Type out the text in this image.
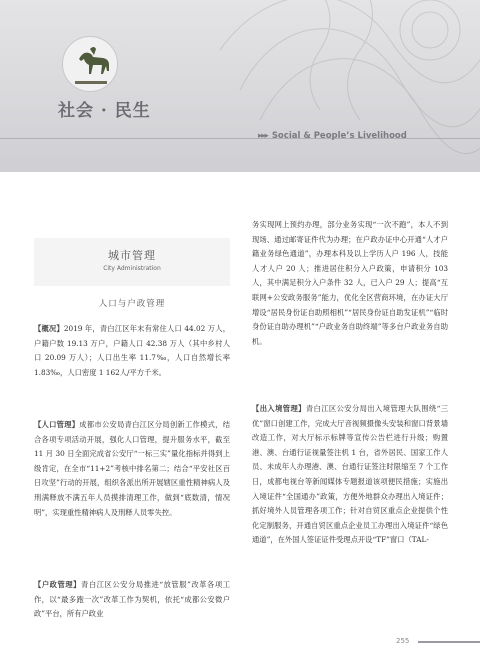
社会 · 民生
▸▸▸ Social & People’s Livelihood
城市管理
City Administration
人口与户政管理
【概况】2019 年，青白江区年末有常住人口 44.02 万人，户籍户数 19.13 万户，户籍人口 42.38 万人（其中乡村人口 20.09 万人）；人口出生率 11.7‰，人口自然增长率 1.83‰，人口密度 1 162人/平方千米。
【人口管理】成都市公安局青白江区分局创新工作模式，结合各项专项活动开展，强化人口管理，提升服务水平，截至 11 月 30 日全面完成省公安厅“一标三实”量化指标并得到上级肯定，在全市“11+2”考核中排名第二；结合“平安社区百日攻坚”行动的开展，组织各派出所开展辖区重性精神病人及刑满释放不满五年人员摸排清理工作，做到“底数清，情况明”，实现重性精神病人及刑释人员零失控。
【户政管理】青白江区公安分局推进“放管服”改革各项工作，以“最多跑一次”改革工作为契机，依托“成都公安微户政”平台，所有户政业
务实现网上预约办理，部分业务实现“一次不跑”，本人不到现场、通过邮寄证件代为办理；在户政办证中心开通“人才户籍业务绿色通道”，办理本科及以上学历人户 196 人，技能人才人户 20 人；推进居住积分入户政策，申请积分 103 人，其中满足积分入户条件 32 人，已入户 29 人；提高“互联网+公安政务服务”能力，优化全区营商环境，在办证大厅增设“居民身份证自助照相机”“居民身份证自助发证机”“临时身份证自助办理机”“户政业务自助终端”等多台户政业务自助机。
【出入境管理】青白江区公安分局出入境管理大队围绕“三优”窗口创建工作，完成大厅音视频摄像头安装和窗口背景墙改造工作，对大厅标示标牌等宣传公告栏进行升级；购置港、澳、台通行证视量签注机 1 台，省外居民、国家工作人员、未成年人办理港、澳、台通行证签注时限缩至 7 个工作日，成都电视台等新闻媒体专题报道该项便民措施；实施出入境证件“全国通办”政策，方便外地群众办理出入境证件；抓好境外人员管理各项工作；针对自贸区重点企业提供个性化定制服务，开通自贸区重点企业员工办理出入境证件“绿色通道”，在外国人签证证件受理点开设“TF”窗口（TAL-
255
